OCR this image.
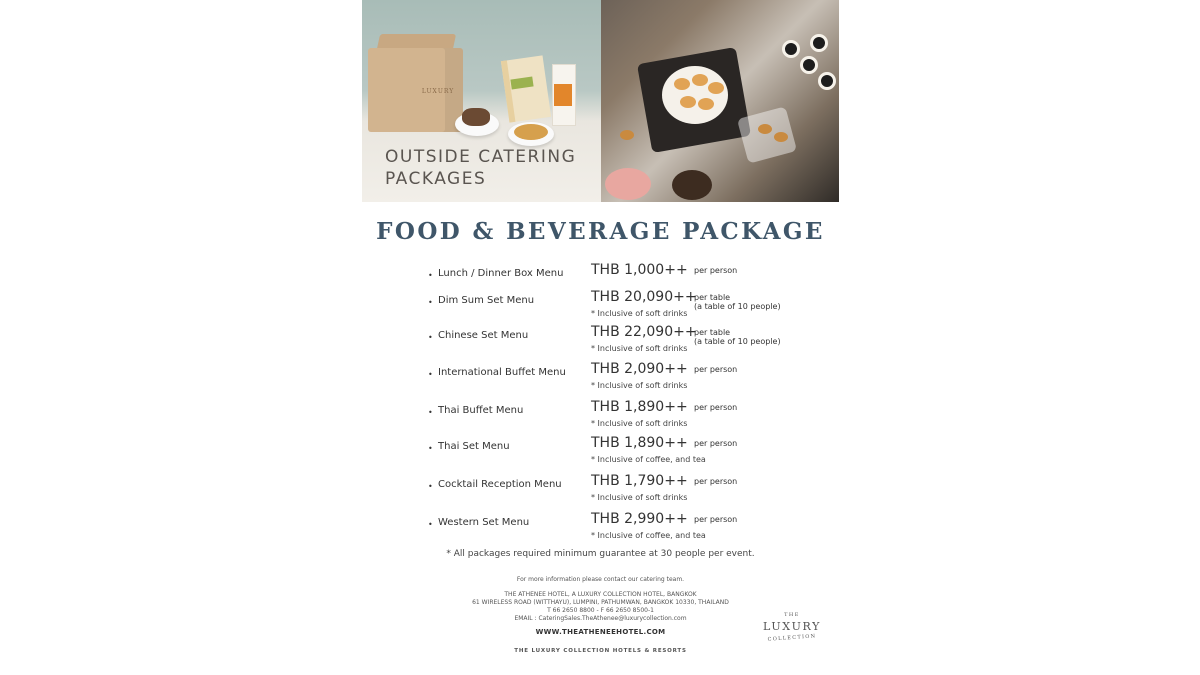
LUXURY
OUTSIDE CATERING
PACKAGES
FOOD & BEVERAGE PACKAGE
• Lunch / Dinner Box Menu THB 1,000++ per person

• Dim Sum Set Menu	THB 20,090++
per table
(a table of 10 people)
* Inclusive of soft drinks
• Chinese Set Menu	THB 22,090++
per table
(a table of 10 people)
* Inclusive of soft drinks
• International Buffet Menu THB 2,090++ per person

* Inclusive of soft drinks
• Thai Buffet Menu	THB 1,890++ per person

* Inclusive of soft drinks
• Thai Set Menu	THB 1,890++ per person

* Inclusive of coffee, and tea
• Cocktail Reception Menu THB 1,790++ per person

* Inclusive of soft drinks
• Western Set Menu	THB 2,990++ per person

* Inclusive of coffee, and tea
* All packages required minimum guarantee at 30 people per event.
For more information please contact our catering team.
THE ATHENEE HOTEL, A LUXURY COLLECTION HOTEL, BANGKOK
61 WIRELESS ROAD (WITTHAYU), LUMPINI, PATHUMWAN, BANGKOK 10330, THAILAND
T 66 2650 8800 - F 66 2650 8500-1
EMAIL : CateringSales.TheAthenee@luxurycollection.com
WWW.THEATHENEEHOTEL.COM
THE LUXURY COLLECTION HOTELS & RESORTS
THE
LUXURY
COLLECTION
